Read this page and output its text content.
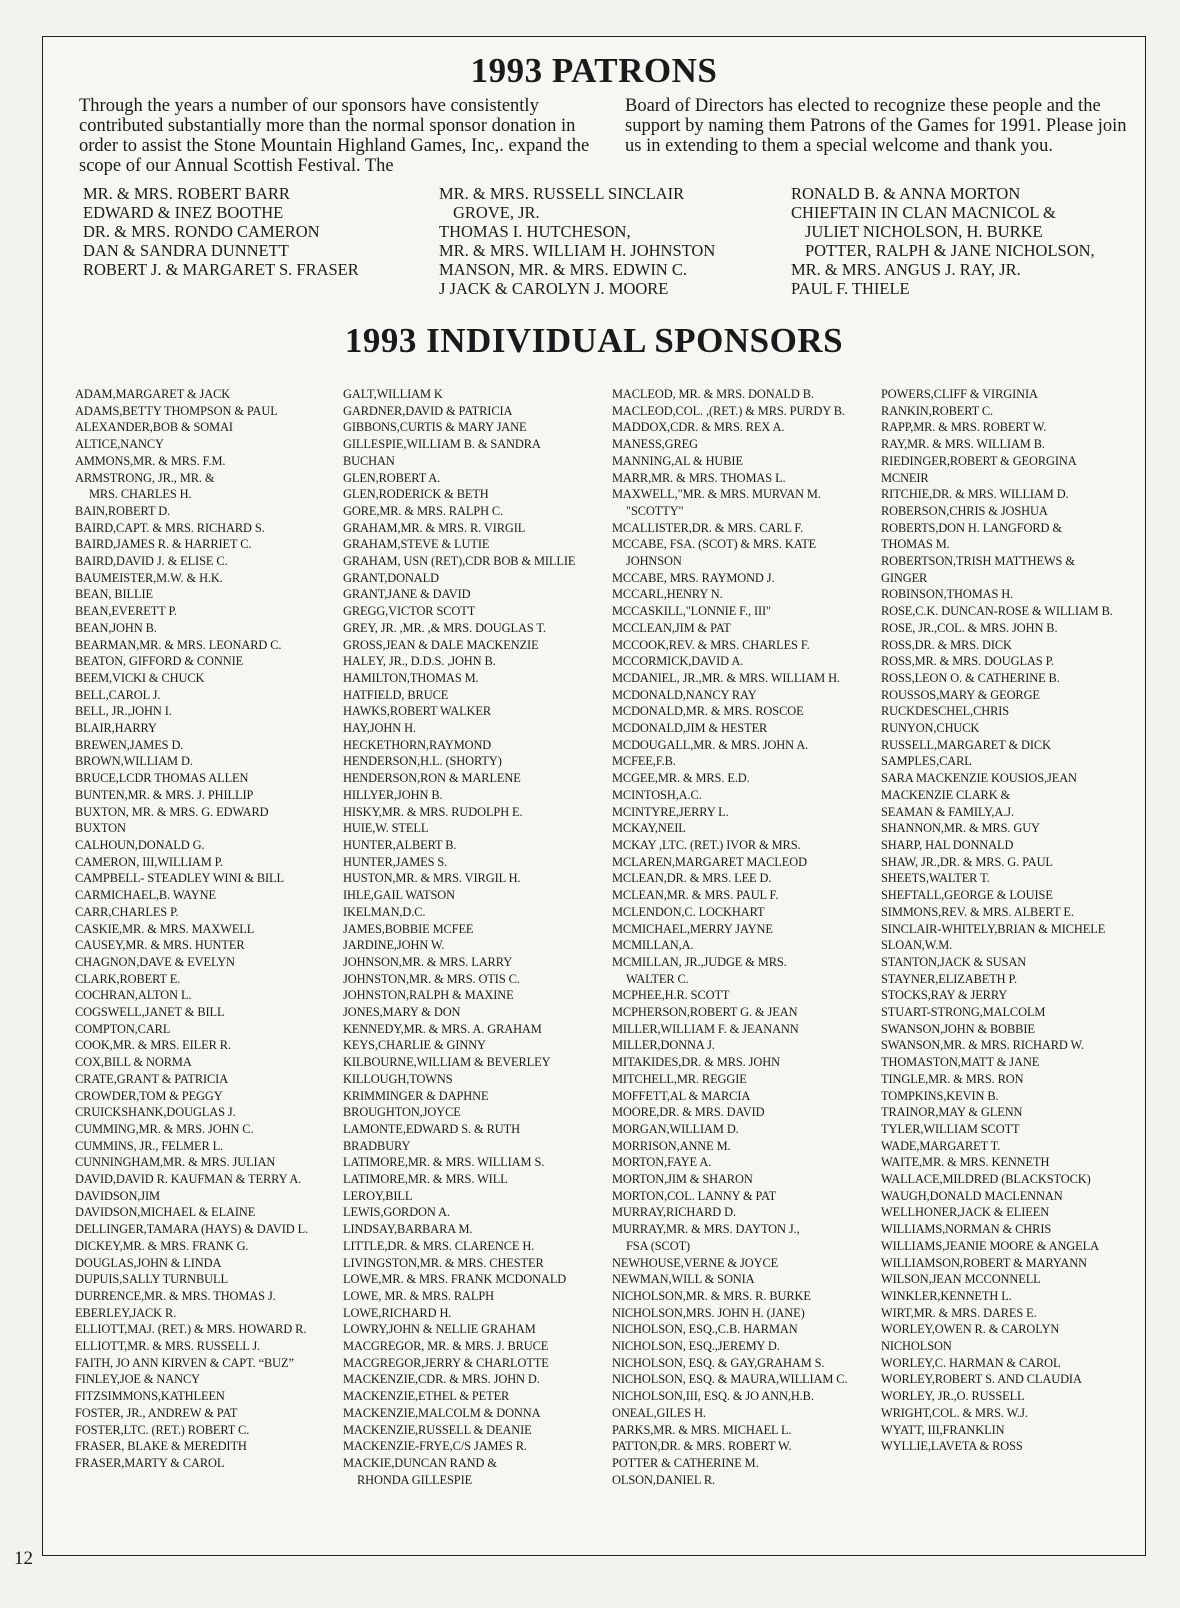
1993 PATRONS
Through the years a number of our sponsors have consistently contributed substantially more than the normal sponsor donation in order to assist the Stone Mountain Highland Games, Inc,. expand the scope of our Annual Scottish Festival. The
Board of Directors has elected to recognize these people and the support by naming them Patrons of the Games for 1991. Please join us in extending to them a special welcome and thank you.
MR. & MRS. ROBERT BARR
EDWARD & INEZ BOOTHE
DR. & MRS. RONDO CAMERON
DAN & SANDRA DUNNETT
ROBERT J. & MARGARET S. FRASER
MR. & MRS. RUSSELL SINCLAIR
GROVE, JR.
THOMAS I. HUTCHESON,
MR. & MRS. WILLIAM H. JOHNSTON
MANSON, MR. & MRS. EDWIN C.
J JACK & CAROLYN J. MOORE
RONALD B. & ANNA MORTON
CHIEFTAIN IN CLAN MACNICOL &
JULIET NICHOLSON, H. BURKE
POTTER, RALPH & JANE NICHOLSON,
MR. & MRS. ANGUS J. RAY, JR.
PAUL F. THIELE
1993 INDIVIDUAL SPONSORS
ADAM,MARGARET & JACK
ADAMS,BETTY THOMPSON & PAUL
ALEXANDER,BOB & SOMAI
ALTICE,NANCY
AMMONS,MR. & MRS. F.M.
ARMSTRONG, JR., MR. &
MRS. CHARLES H.
BAIN,ROBERT D.
BAIRD,CAPT. & MRS. RICHARD S.
BAIRD,JAMES R. & HARRIET C.
BAIRD,DAVID J. & ELISE C.
BAUMEISTER,M.W. & H.K.
BEAN, BILLIE
BEAN,EVERETT P.
BEAN,JOHN B.
BEARMAN,MR. & MRS. LEONARD C.
BEATON, GIFFORD & CONNIE
BEEM,VICKI & CHUCK
BELL,CAROL J.
BELL, JR.,JOHN I.
BLAIR,HARRY
BREWEN,JAMES D.
BROWN,WILLIAM D.
BRUCE,LCDR THOMAS ALLEN
BUNTEN,MR. & MRS. J. PHILLIP
BUXTON, MR. & MRS. G. EDWARD
BUXTON
CALHOUN,DONALD G.
CAMERON, III,WILLIAM P.
CAMPBELL- STEADLEY WINI & BILL
CARMICHAEL,B. WAYNE
CARR,CHARLES P.
CASKIE,MR. & MRS. MAXWELL
CAUSEY,MR. & MRS. HUNTER
CHAGNON,DAVE & EVELYN
CLARK,ROBERT E.
COCHRAN,ALTON L.
COGSWELL,JANET & BILL
COMPTON,CARL
COOK,MR. & MRS. EILER R.
COX,BILL & NORMA
CRATE,GRANT & PATRICIA
CROWDER,TOM & PEGGY
CRUICKSHANK,DOUGLAS J.
CUMMING,MR. & MRS. JOHN C.
CUMMINS, JR., FELMER L.
CUNNINGHAM,MR. & MRS. JULIAN
DAVID,DAVID R. KAUFMAN & TERRY A.
DAVIDSON,JIM
DAVIDSON,MICHAEL & ELAINE
DELLINGER,TAMARA (HAYS) & DAVID L.
DICKEY,MR. & MRS. FRANK G.
DOUGLAS,JOHN & LINDA
DUPUIS,SALLY TURNBULL
DURRENCE,MR. & MRS. THOMAS J.
EBERLEY,JACK R.
ELLIOTT,MAJ. (RET.) & MRS. HOWARD R.
ELLIOTT,MR. & MRS. RUSSELL J.
FAITH, JO ANN KIRVEN & CAPT. “BUZ”
FINLEY,JOE & NANCY
FITZSIMMONS,KATHLEEN
FOSTER, JR., ANDREW & PAT
FOSTER,LTC. (RET.) ROBERT C.
FRASER, BLAKE & MEREDITH
FRASER,MARTY & CAROL
GALT,WILLIAM K
GARDNER,DAVID & PATRICIA
GIBBONS,CURTIS & MARY JANE
GILLESPIE,WILLIAM B. & SANDRA
BUCHAN
GLEN,ROBERT A.
GLEN,RODERICK & BETH
GORE,MR. & MRS. RALPH C.
GRAHAM,MR. & MRS. R. VIRGIL
GRAHAM,STEVE & LUTIE
GRAHAM, USN (RET),CDR BOB & MILLIE
GRANT,DONALD
GRANT,JANE & DAVID
GREGG,VICTOR SCOTT
GREY, JR. ,MR. ,& MRS. DOUGLAS T.
GROSS,JEAN & DALE MACKENZIE
HALEY, JR., D.D.S. ,JOHN B.
HAMILTON,THOMAS M.
HATFIELD, BRUCE
HAWKS,ROBERT WALKER
HAY,JOHN H.
HECKETHORN,RAYMOND
HENDERSON,H.L. (SHORTY)
HENDERSON,RON & MARLENE
HILLYER,JOHN B.
HISKY,MR. & MRS. RUDOLPH E.
HUIE,W. STELL
HUNTER,ALBERT B.
HUNTER,JAMES S.
HUSTON,MR. & MRS. VIRGIL H.
IHLE,GAIL WATSON
IKELMAN,D.C.
JAMES,BOBBIE MCFEE
JARDINE,JOHN W.
JOHNSON,MR. & MRS. LARRY
JOHNSTON,MR. & MRS. OTIS C.
JOHNSTON,RALPH & MAXINE
JONES,MARY & DON
KENNEDY,MR. & MRS. A. GRAHAM
KEYS,CHARLIE & GINNY
KILBOURNE,WILLIAM & BEVERLEY
KILLOUGH,TOWNS
KRIMMINGER & DAPHNE
BROUGHTON,JOYCE
LAMONTE,EDWARD S. & RUTH
BRADBURY
LATIMORE,MR. & MRS. WILLIAM S.
LATIMORE,MR. & MRS. WILL
LEROY,BILL
LEWIS,GORDON A.
LINDSAY,BARBARA M.
LITTLE,DR. & MRS. CLARENCE H.
LIVINGSTON,MR. & MRS. CHESTER
LOWE,MR. & MRS. FRANK MCDONALD
LOWE, MR. & MRS. RALPH
LOWE,RICHARD H.
LOWRY,JOHN & NELLIE GRAHAM
MACGREGOR, MR. & MRS. J. BRUCE
MACGREGOR,JERRY & CHARLOTTE
MACKENZIE,CDR. & MRS. JOHN D.
MACKENZIE,ETHEL & PETER
MACKENZIE,MALCOLM & DONNA
MACKENZIE,RUSSELL & DEANIE
MACKENZIE-FRYE,C/S JAMES R.
MACKIE,DUNCAN RAND &
RHONDA GILLESPIE
MACLEOD, MR. & MRS. DONALD B.
MACLEOD,COL. ,(RET.) & MRS. PURDY B.
MADDOX,CDR. & MRS. REX A.
MANESS,GREG
MANNING,AL & HUBIE
MARR,MR. & MRS. THOMAS L.
MAXWELL,"MR. & MRS. MURVAN M.
"SCOTTY"
MCALLISTER,DR. & MRS. CARL F.
MCCABE, FSA. (SCOT) & MRS. KATE
JOHNSON
MCCABE, MRS. RAYMOND J.
MCCARL,HENRY N.
MCCASKILL,"LONNIE F., III"
MCCLEAN,JIM & PAT
MCCOOK,REV. & MRS. CHARLES F.
MCCORMICK,DAVID A.
MCDANIEL, JR.,MR. & MRS. WILLIAM H.
MCDONALD,NANCY RAY
MCDONALD,MR. & MRS. ROSCOE
MCDONALD,JIM & HESTER
MCDOUGALL,MR. & MRS. JOHN A.
MCFEE,F.B.
MCGEE,MR. & MRS. E.D.
MCINTOSH,A.C.
MCINTYRE,JERRY L.
MCKAY,NEIL
MCKAY ,LTC. (RET.) IVOR & MRS.
MCLAREN,MARGARET MACLEOD
MCLEAN,DR. & MRS. LEE D.
MCLEAN,MR. & MRS. PAUL F.
MCLENDON,C. LOCKHART
MCMICHAEL,MERRY JAYNE
MCMILLAN,A.
MCMILLAN, JR.,JUDGE & MRS.
WALTER C.
MCPHEE,H.R. SCOTT
MCPHERSON,ROBERT G. & JEAN
MILLER,WILLIAM F. & JEANANN
MILLER,DONNA J.
MITAKIDES,DR. & MRS. JOHN
MITCHELL,MR. REGGIE
MOFFETT,AL & MARCIA
MOORE,DR. & MRS. DAVID
MORGAN,WILLIAM D.
MORRISON,ANNE M.
MORTON,FAYE A.
MORTON,JIM & SHARON
MORTON,COL. LANNY & PAT
MURRAY,RICHARD D.
MURRAY,MR. & MRS. DAYTON J.,
FSA (SCOT)
NEWHOUSE,VERNE & JOYCE
NEWMAN,WILL & SONIA
NICHOLSON,MR. & MRS. R. BURKE
NICHOLSON,MRS. JOHN H. (JANE)
NICHOLSON, ESQ.,C.B. HARMAN
NICHOLSON, ESQ.,JEREMY D.
NICHOLSON, ESQ. & GAY,GRAHAM S.
NICHOLSON, ESQ. & MAURA,WILLIAM C.
NICHOLSON,III, ESQ. & JO ANN,H.B.
ONEAL,GILES H.
PARKS,MR. & MRS. MICHAEL L.
PATTON,DR. & MRS. ROBERT W.
POTTER & CATHERINE M.
OLSON,DANIEL R.
POWERS,CLIFF & VIRGINIA
RANKIN,ROBERT C.
RAPP,MR. & MRS. ROBERT W.
RAY,MR. & MRS. WILLIAM B.
RIEDINGER,ROBERT & GEORGINA
MCNEIR
RITCHIE,DR. & MRS. WILLIAM D.
ROBERSON,CHRIS & JOSHUA
ROBERTS,DON H. LANGFORD &
THOMAS M.
ROBERTSON,TRISH MATTHEWS &
GINGER
ROBINSON,THOMAS H.
ROSE,C.K. DUNCAN-ROSE & WILLIAM B.
ROSE, JR.,COL. & MRS. JOHN B.
ROSS,DR. & MRS. DICK
ROSS,MR. & MRS. DOUGLAS P.
ROSS,LEON O. & CATHERINE B.
ROUSSOS,MARY & GEORGE
RUCKDESCHEL,CHRIS
RUNYON,CHUCK
RUSSELL,MARGARET & DICK
SAMPLES,CARL
SARA MACKENZIE KOUSIOS,JEAN
MACKENZIE CLARK &
SEAMAN & FAMILY,A.J.
SHANNON,MR. & MRS. GUY
SHARP, HAL DONNALD
SHAW, JR.,DR. & MRS. G. PAUL
SHEETS,WALTER T.
SHEFTALL,GEORGE & LOUISE
SIMMONS,REV. & MRS. ALBERT E.
SINCLAIR-WHITELY,BRIAN & MICHELE
SLOAN,W.M.
STANTON,JACK & SUSAN
STAYNER,ELIZABETH P.
STOCKS,RAY & JERRY
STUART-STRONG,MALCOLM
SWANSON,JOHN & BOBBIE
SWANSON,MR. & MRS. RICHARD W.
THOMASTON,MATT & JANE
TINGLE,MR. & MRS. RON
TOMPKINS,KEVIN B.
TRAINOR,MAY & GLENN
TYLER,WILLIAM SCOTT
WADE,MARGARET T.
WAITE,MR. & MRS. KENNETH
WALLACE,MILDRED (BLACKSTOCK)
WAUGH,DONALD MACLENNAN
WELLHONER,JACK & ELIEEN
WILLIAMS,NORMAN & CHRIS
WILLIAMS,JEANIE MOORE & ANGELA
WILLIAMSON,ROBERT & MARYANN
WILSON,JEAN MCCONNELL
WINKLER,KENNETH L.
WIRT,MR. & MRS. DARES E.
WORLEY,OWEN R. & CAROLYN
NICHOLSON
WORLEY,C. HARMAN & CAROL
WORLEY,ROBERT S. AND CLAUDIA
WORLEY, JR.,O. RUSSELL
WRIGHT,COL. & MRS. W.J.
WYATT, III,FRANKLIN
WYLLIE,LAVETA & ROSS
12
